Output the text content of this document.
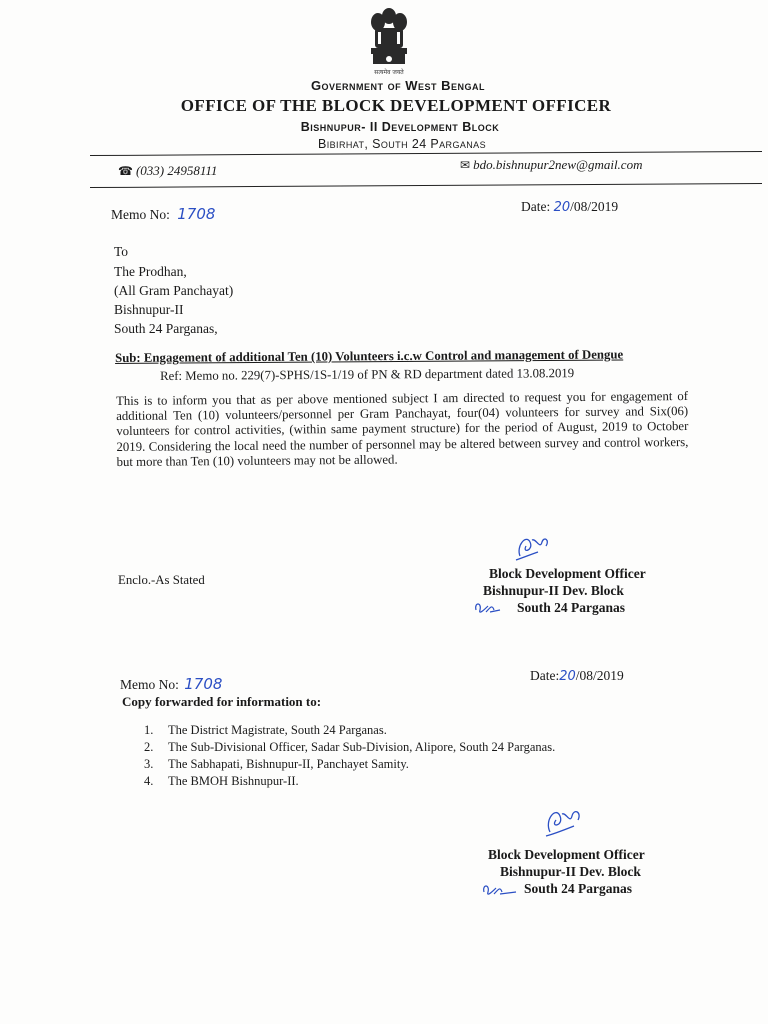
सत्यमेव जयते
Government of West Bengal
OFFICE OF THE BLOCK DEVELOPMENT OFFICER
Bishnupur- II Development Block
Bibirhat, South 24 Parganas
☎ (033) 24958111	✉ bdo.bishnupur2new@gmail.com
Memo No: 1708	Date: 20/08/2019
To
The Prodhan,
(All Gram Panchayat)
Bishnupur-II
South 24 Parganas,
Sub: Engagement of additional Ten (10) Volunteers i.c.w Control and management of Dengue
Ref: Memo no. 229(7)-SPHS/1S-1/19 of PN & RD department dated 13.08.2019
This is to inform you that as per above mentioned subject I am directed to request you for engagement of additional Ten (10) volunteers/personnel per Gram Panchayat, four(04) volunteers for survey and Six(06) volunteers for control activities, (within same payment structure) for the period of August, 2019 to October 2019. Considering the local need the number of personnel may be altered between survey and control workers, but more than Ten (10) volunteers may not be allowed.
Enclo.-As Stated	Block Development Officer
Bishnupur-II Dev. Block
South 24 Parganas
Memo No: 1708	Date:20/08/2019
Copy forwarded for information to:
1. The District Magistrate, South 24 Parganas.
2. The Sub-Divisional Officer, Sadar Sub-Division, Alipore, South 24 Parganas.
3. The Sabhapati, Bishnupur-II, Panchayet Samity.
4. The BMOH Bishnupur-II.
Block Development Officer
Bishnupur-II Dev. Block
South 24 Parganas
